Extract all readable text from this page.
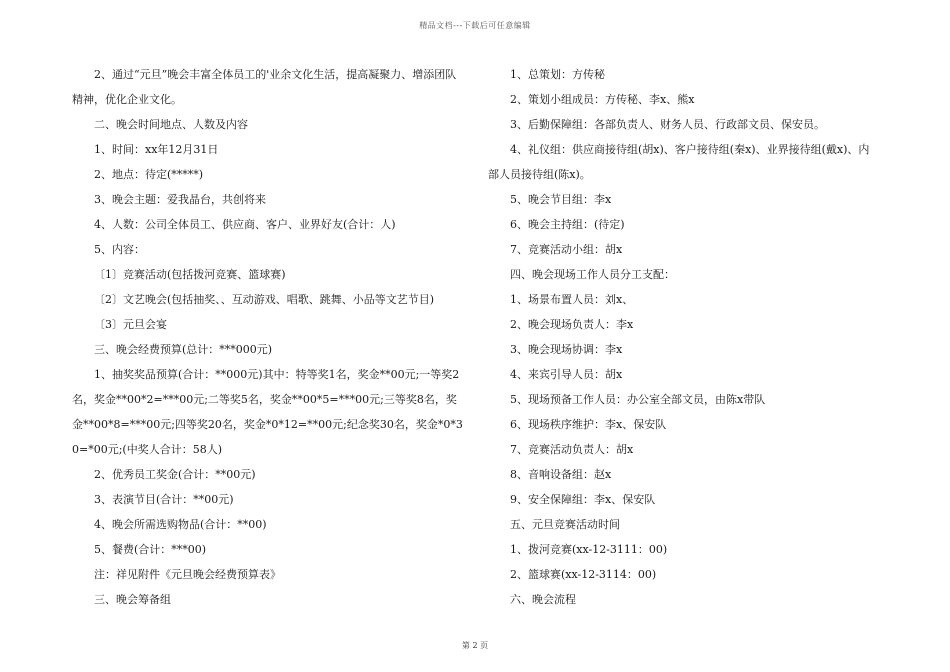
精品文档---下载后可任意编辑

2、通过“元旦”晚会丰富全体员工的'业余文化生活，提高凝聚力、增添团队精神，优化企业文化。

二、晚会时间地点、人数及内容

1、时间：xx年12月31日

2、地点：待定(*****)

3、晚会主题：爱我晶台，共创将来

4、人数：公司全体员工、供应商、客户、业界好友(合计：人)

5、内容：

〔1〕竞赛活动(包括拨河竞赛、篮球赛)

〔2〕文艺晚会(包括抽奖、、互动游戏、唱歌、跳舞、小品等文艺节目)

〔3〕元旦会宴

三、晚会经费预算(总计：***000元)

1、抽奖奖品预算(合计：**000元)其中：特等奖1名，奖金**00元;一等奖2名，奖金**00*2=***00元;二等奖5名，奖金**00*5=***00元;三等奖8名，奖金**00*8=***00元;四等奖20名，奖金*0*12=**00元;纪念奖30名，奖金*0*30=*00元;(中奖人合计：58人)

2、优秀员工奖金(合计：**00元)

3、表演节目(合计：**00元)

4、晚会所需选购物品(合计：**00)

5、餐费(合计：***00)

注：祥见附件《元旦晚会经费预算表》

三、晚会筹备组

1、总策划：方传秘

2、策划小组成员：方传秘、李x、熊x

3、后勤保障组：各部负责人、财务人员、行政部文员、保安员。

4、礼仪组：供应商接待组(胡x)、客户接待组(秦x)、业界接待组(戴x)、内部人员接待组(陈x)。

5、晚会节目组：李x

6、晚会主持组：(待定)

7、竞赛活动小组：胡x

四、晚会现场工作人员分工支配：

1、场景布置人员：刘x、

2、晚会现场负责人：李x

3、晚会现场协调：李x

4、来宾引导人员：胡x

5、现场预备工作人员：办公室全部文员，由陈x带队

6、现场秩序维护：李x、保安队

7、竞赛活动负责人：胡x

8、音响设备组：赵x

9、安全保障组：李x、保安队

五、元旦竞赛活动时间

1、拨河竞赛(xx-12-3111：00)

2、篮球赛(xx-12-3114：00)

六、晚会流程

第 2 页
